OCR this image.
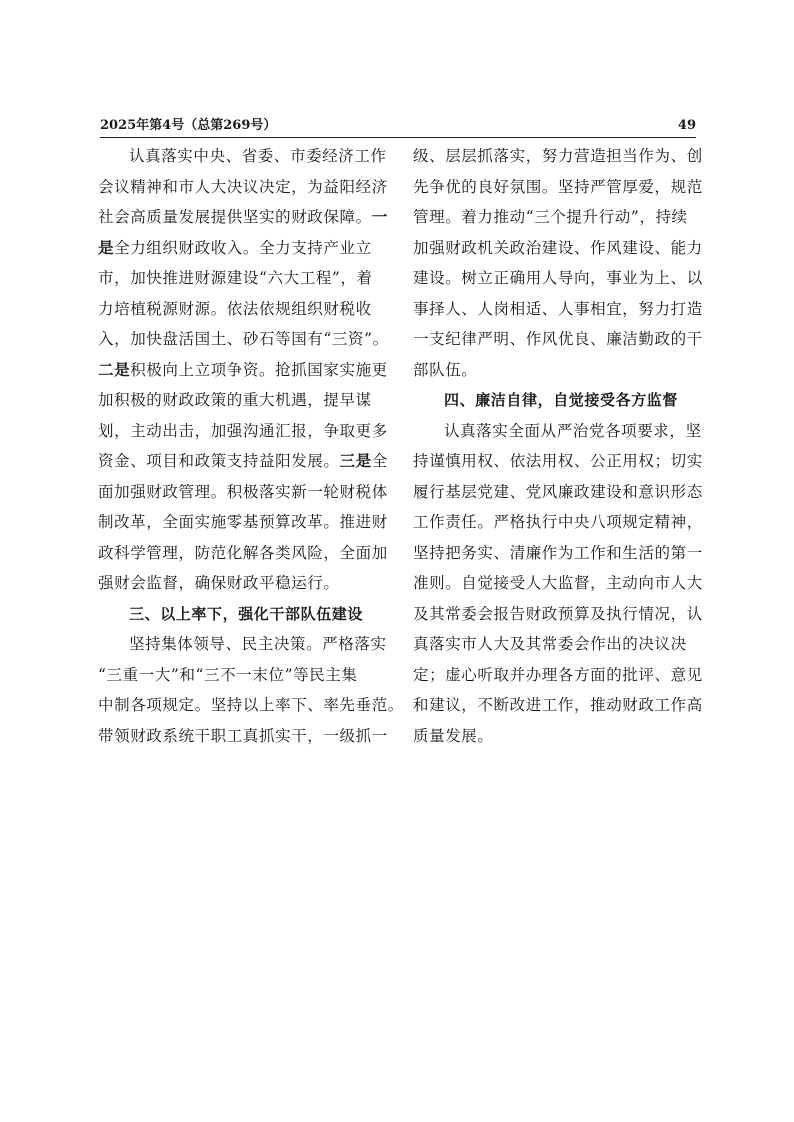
2025年第4号（总第269号）	49
认真落实中央、省委、市委经济工作
会议精神和市人大决议决定，为益阳经济
社会高质量发展提供坚实的财政保障。一
是全力组织财政收入。全力支持产业立
市，加快推进财源建设“六大工程”，着
力培植税源财源。依法依规组织财税收
入，加快盘活国土、砂石等国有“三资”。
二是积极向上立项争资。抢抓国家实施更
加积极的财政政策的重大机遇，提早谋
划，主动出击，加强沟通汇报，争取更多
资金、项目和政策支持益阳发展。三是全
面加强财政管理。积极落实新一轮财税体
制改革，全面实施零基预算改革。推进财
政科学管理，防范化解各类风险，全面加
强财会监督，确保财政平稳运行。
三、以上率下，强化干部队伍建设
坚持集体领导、民主决策。严格落实
“三重一大”和“三不一末位”等民主集
中制各项规定。坚持以上率下、率先垂范。
带领财政系统干职工真抓实干，一级抓一
级、层层抓落实，努力营造担当作为、创
先争优的良好氛围。坚持严管厚爱，规范
管理。着力推动“三个提升行动”，持续
加强财政机关政治建设、作风建设、能力
建设。树立正确用人导向，事业为上、以
事择人、人岗相适、人事相宜，努力打造
一支纪律严明、作风优良、廉洁勤政的干
部队伍。
四、廉洁自律，自觉接受各方监督
认真落实全面从严治党各项要求，坚
持谨慎用权、依法用权、公正用权；切实
履行基层党建、党风廉政建设和意识形态
工作责任。严格执行中央八项规定精神，
坚持把务实、清廉作为工作和生活的第一
准则。自觉接受人大监督，主动向市人大
及其常委会报告财政预算及执行情况，认
真落实市人大及其常委会作出的决议决
定；虚心听取并办理各方面的批评、意见
和建议，不断改进工作，推动财政工作高
质量发展。
